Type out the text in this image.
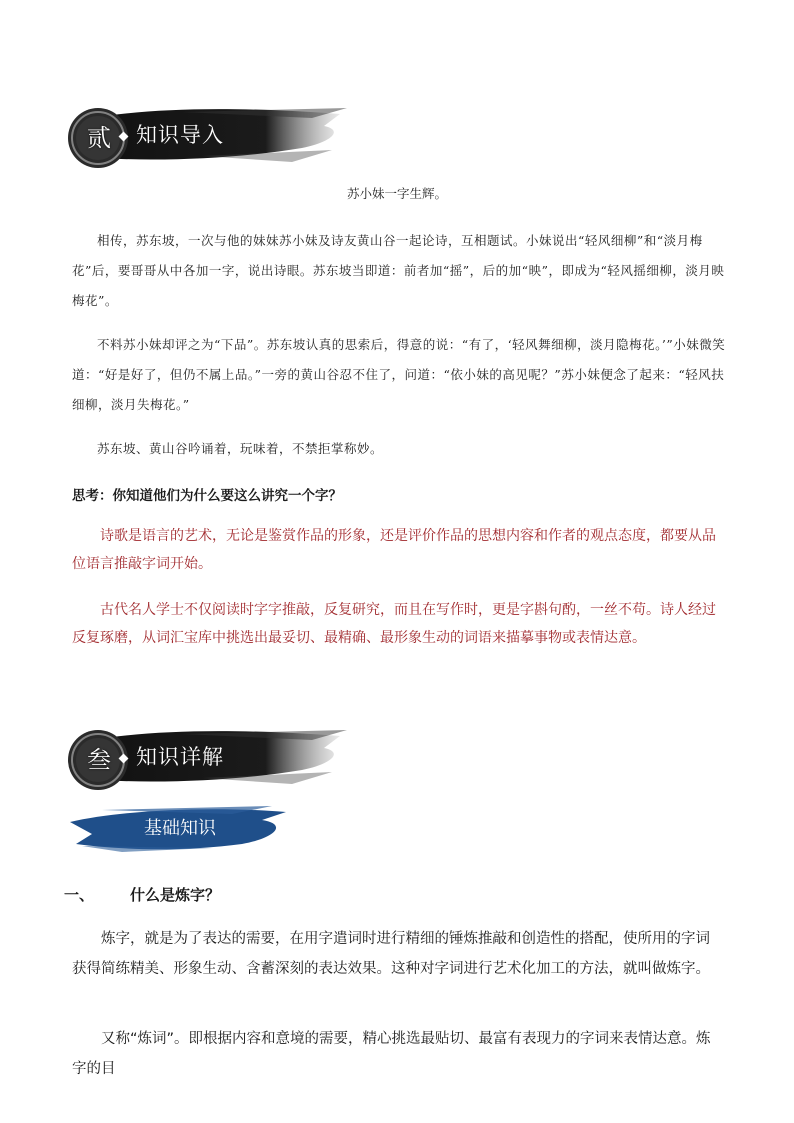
贰 知识导入
苏小妹一字生辉。

相传，苏东坡，一次与他的妹妹苏小妹及诗友黄山谷一起论诗，互相题试。小妹说出“轻风细柳”和“淡月梅花”后，要哥哥从中各加一字，说出诗眼。苏东坡当即道：前者加“摇”，后的加“映”，即成为“轻风摇细柳，淡月映梅花”。

不料苏小妹却评之为“下品”。苏东坡认真的思索后，得意的说：“有了，‘轻风舞细柳，淡月隐梅花。’”小妹微笑道：“好是好了，但仍不属上品。”一旁的黄山谷忍不住了，问道：“依小妹的高见呢？”苏小妹便念了起来：“轻风扶细柳，淡月失梅花。”

苏东坡、黄山谷吟诵着，玩味着，不禁拒掌称妙。

思考：你知道他们为什么要这么讲究一个字？
诗歌是语言的艺术，无论是鉴赏作品的形象，还是评价作品的思想内容和作者的观点态度，都要从品位语言推敲字词开始。
古代名人学士不仅阅读时字字推敲，反复研究，而且在写作时，更是字斟句酌，一丝不苟。诗人经过反复琢磨，从词汇宝库中挑选出最妥切、最精确、最形象生动的词语来描摹事物或表情达意。
叁 知识详解
基础知识
一、 什么是炼字？
炼字，就是为了表达的需要，在用字遣词时进行精细的锤炼推敲和创造性的搭配，使所用的字词获得简练精美、形象生动、含蓄深刻的表达效果。这种对字词进行艺术化加工的方法，就叫做炼字。
又称“炼词”。即根据内容和意境的需要，精心挑选最贴切、最富有表现力的字词来表情达意。炼字的目
